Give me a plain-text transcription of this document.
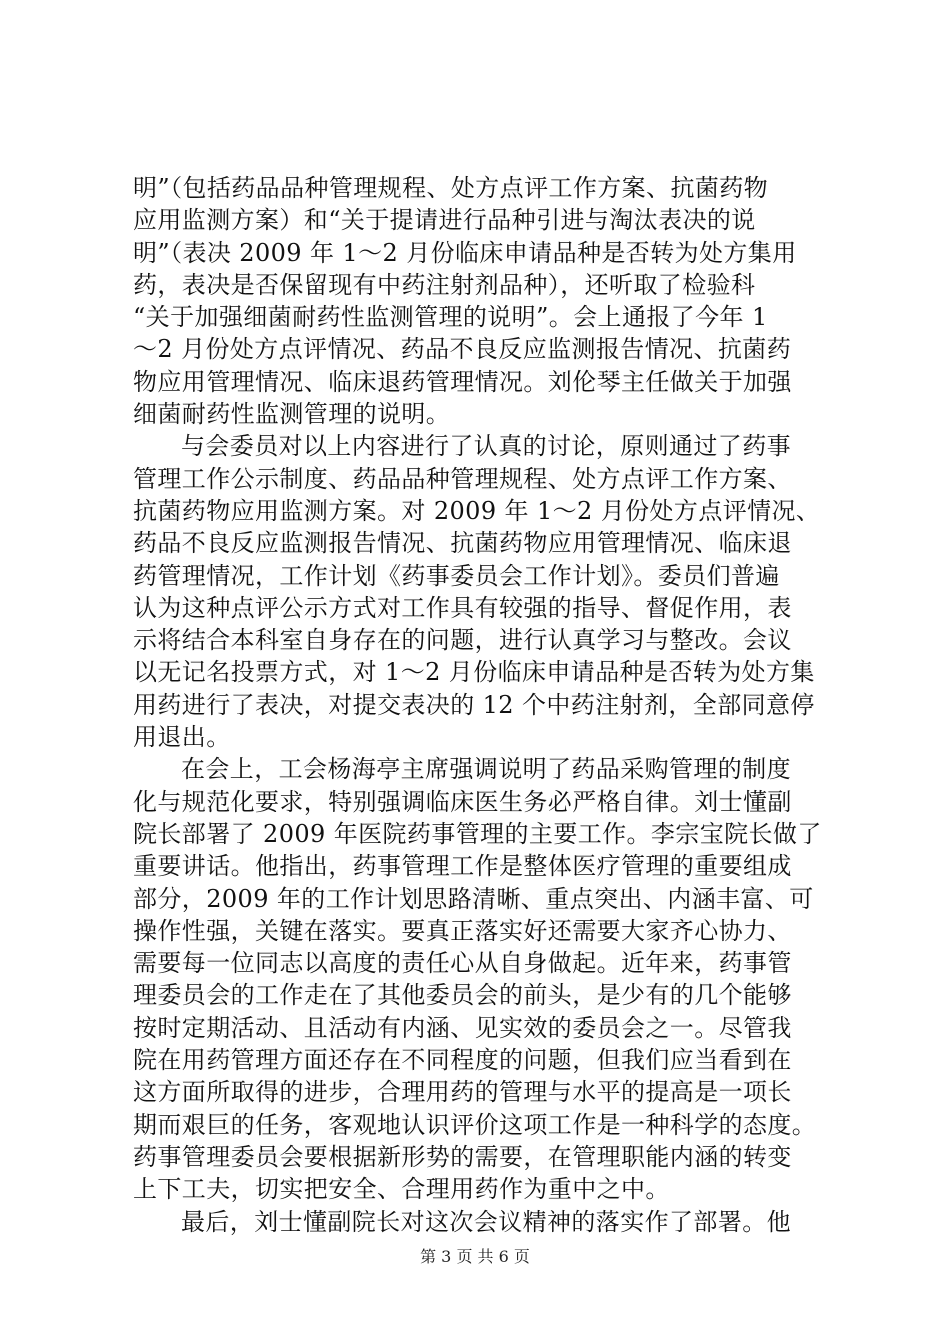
明”（包括药品品种管理规程、处方点评工作方案、抗菌药物
应用监测方案）和“关于提请进行品种引进与淘汰表决的说
明”（表决 2009 年 1～2 月份临床申请品种是否转为处方集用
药，表决是否保留现有中药注射剂品种），还听取了检验科
“关于加强细菌耐药性监测管理的说明”。会上通报了今年 1
～2 月份处方点评情况、药品不良反应监测报告情况、抗菌药
物应用管理情况、临床退药管理情况。刘伦琴主任做关于加强
细菌耐药性监测管理的说明。
与会委员对以上内容进行了认真的讨论，原则通过了药事
管理工作公示制度、药品品种管理规程、处方点评工作方案、
抗菌药物应用监测方案。对 2009 年 1～2 月份处方点评情况、
药品不良反应监测报告情况、抗菌药物应用管理情况、临床退
药管理情况，工作计划《药事委员会工作计划》。委员们普遍
认为这种点评公示方式对工作具有较强的指导、督促作用，表
示将结合本科室自身存在的问题，进行认真学习与整改。会议
以无记名投票方式，对 1～2 月份临床申请品种是否转为处方集
用药进行了表决，对提交表决的 12 个中药注射剂，全部同意停
用退出。
在会上，工会杨海亭主席强调说明了药品采购管理的制度
化与规范化要求，特别强调临床医生务必严格自律。刘士懂副
院长部署了 2009 年医院药事管理的主要工作。李宗宝院长做了
重要讲话。他指出，药事管理工作是整体医疗管理的重要组成
部分，2009 年的工作计划思路清晰、重点突出、内涵丰富、可
操作性强，关键在落实。要真正落实好还需要大家齐心协力、
需要每一位同志以高度的责任心从自身做起。近年来，药事管
理委员会的工作走在了其他委员会的前头，是少有的几个能够
按时定期活动、且活动有内涵、见实效的委员会之一。尽管我
院在用药管理方面还存在不同程度的问题，但我们应当看到在
这方面所取得的进步，合理用药的管理与水平的提高是一项长
期而艰巨的任务，客观地认识评价这项工作是一种科学的态度。
药事管理委员会要根据新形势的需要，在管理职能内涵的转变
上下工夫，切实把安全、合理用药作为重中之中。
最后，刘士懂副院长对这次会议精神的落实作了部署。他
第 3 页 共 6 页
